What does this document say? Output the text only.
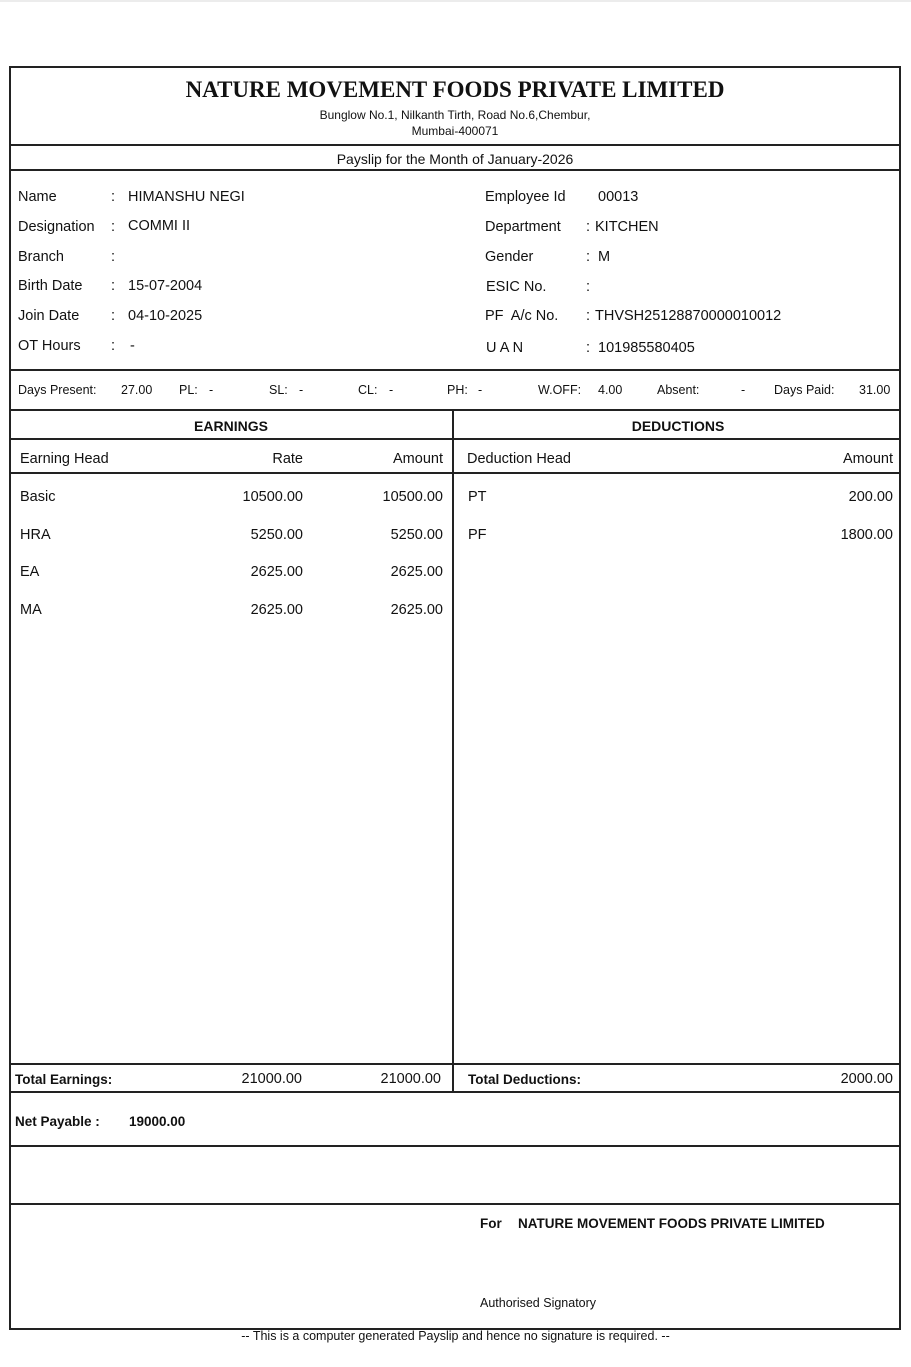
NATURE MOVEMENT FOODS PRIVATE LIMITED
Bunglow No.1, Nilkanth Tirth, Road No.6,Chembur,
Mumbai-400071
Payslip for the Month of January-2026
Name	: HIMANSHU NEGI
Designation : COMMI II
Branch	:
Birth Date : 15-07-2004
Join Date : 04-10-2025
OT Hours : -
Employee Id 00013
Department : KITCHEN
Gender	: M
ESIC No.	:
PF  A/c No. : THVSH25128870000010012
U A N	: 101985580405
Days Present: 27.00 PL: -	SL: -	CL: -	PH: -	W.OFF: 4.00	Absent:	- Days Paid: 31.00
EARNINGS	DEDUCTIONS
Earning Head	Rate	Amount Deduction Head	Amount
Basic	10500.00	10500.00
HRA	5250.00	5250.00
EA	2625.00	2625.00
MA	2625.00	2625.00
PT	200.00
PF	1800.00
Total Earnings:	21000.00	21000.00 Total Deductions:	2000.00
Net Payable : 19000.00
For NATURE MOVEMENT FOODS PRIVATE LIMITED
Authorised Signatory
-- This is a computer generated Payslip and hence no signature is required. --
